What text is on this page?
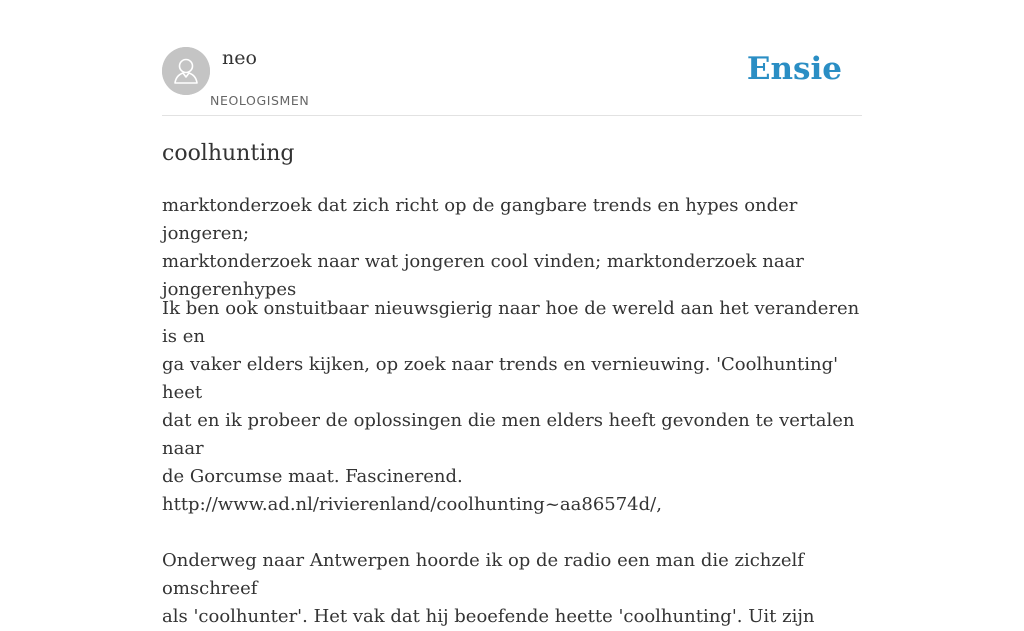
neo
NEOLOGISMEN
Ensie
coolhunting
marktonderzoek dat zich richt op de gangbare trends en hypes onder jongeren;
marktonderzoek naar wat jongeren cool vinden; marktonderzoek naar
jongerenhypes

Ik ben ook onstuitbaar nieuwsgierig naar hoe de wereld aan het veranderen is en

ga vaker elders kijken, op zoek naar trends en vernieuwing. 'Coolhunting' heet

dat en ik probeer de oplossingen die men elders heeft gevonden te vertalen naar

de Gorcumse maat. Fascinerend.

http://www.ad.nl/rivierenland/coolhunting~aa86574d/,

Onderweg naar Antwerpen hoorde ik op de radio een man die zichzelf omschreef

als 'coolhunter'. Het vak dat hij beoefende heette 'coolhunting'. Uit zijn
